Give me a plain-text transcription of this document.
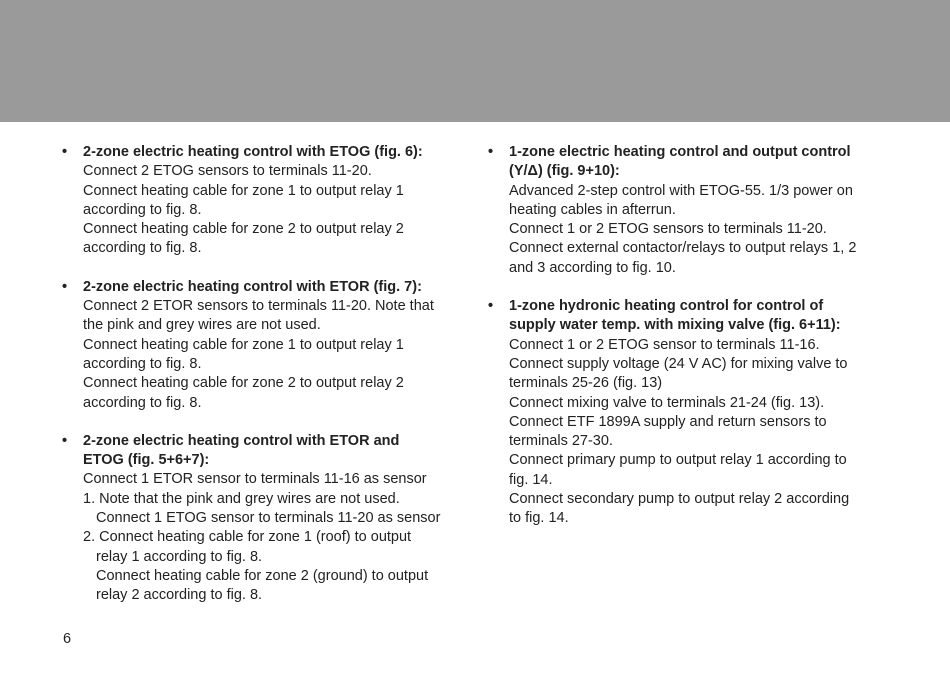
• 2-zone electric heating control with ETOG (fig. 6):
Connect 2 ETOG sensors to terminals 11-20.
Connect heating cable for zone 1 to output relay 1
according to fig. 8.
Connect heating cable for zone 2 to output relay 2
according to fig. 8.
• 2-zone electric heating control with ETOR (fig. 7):
Connect 2 ETOR sensors to terminals 11-20. Note that
the pink and grey wires are not used.
Connect heating cable for zone 1 to output relay 1
according to fig. 8.
Connect heating cable for zone 2 to output relay 2
according to fig. 8.
• 2-zone electric heating control with ETOR and
ETOG (fig. 5+6+7):
Connect 1 ETOR sensor to terminals 11-16 as sensor
1. Note that the pink and grey wires are not used.
Connect 1 ETOG sensor to terminals 11-20 as sensor
2. Connect heating cable for zone 1 (roof) to output
relay 1 according to fig. 8.
Connect heating cable for zone 2 (ground) to output
relay 2 according to fig. 8.
• 1-zone electric heating control and output control
(Y/Δ) (fig. 9+10):
Advanced 2-step control with ETOG-55. 1/3 power on
heating cables in afterrun.
Connect 1 or 2 ETOG sensors to terminals 11-20.
Connect external contactor/relays to output relays 1, 2
and 3 according to fig. 10.
• 1-zone hydronic heating control for control of
supply water temp. with mixing valve (fig. 6+11):
Connect 1 or 2 ETOG sensor to terminals 11-16.
Connect supply voltage (24 V AC) for mixing valve to
terminals 25-26 (fig. 13)
Connect mixing valve to terminals 21-24 (fig. 13).
Connect ETF 1899A supply and return sensors to
terminals 27-30.
Connect primary pump to output relay 1 according to
fig. 14.
Connect secondary pump to output relay 2 according
to fig. 14.
6
